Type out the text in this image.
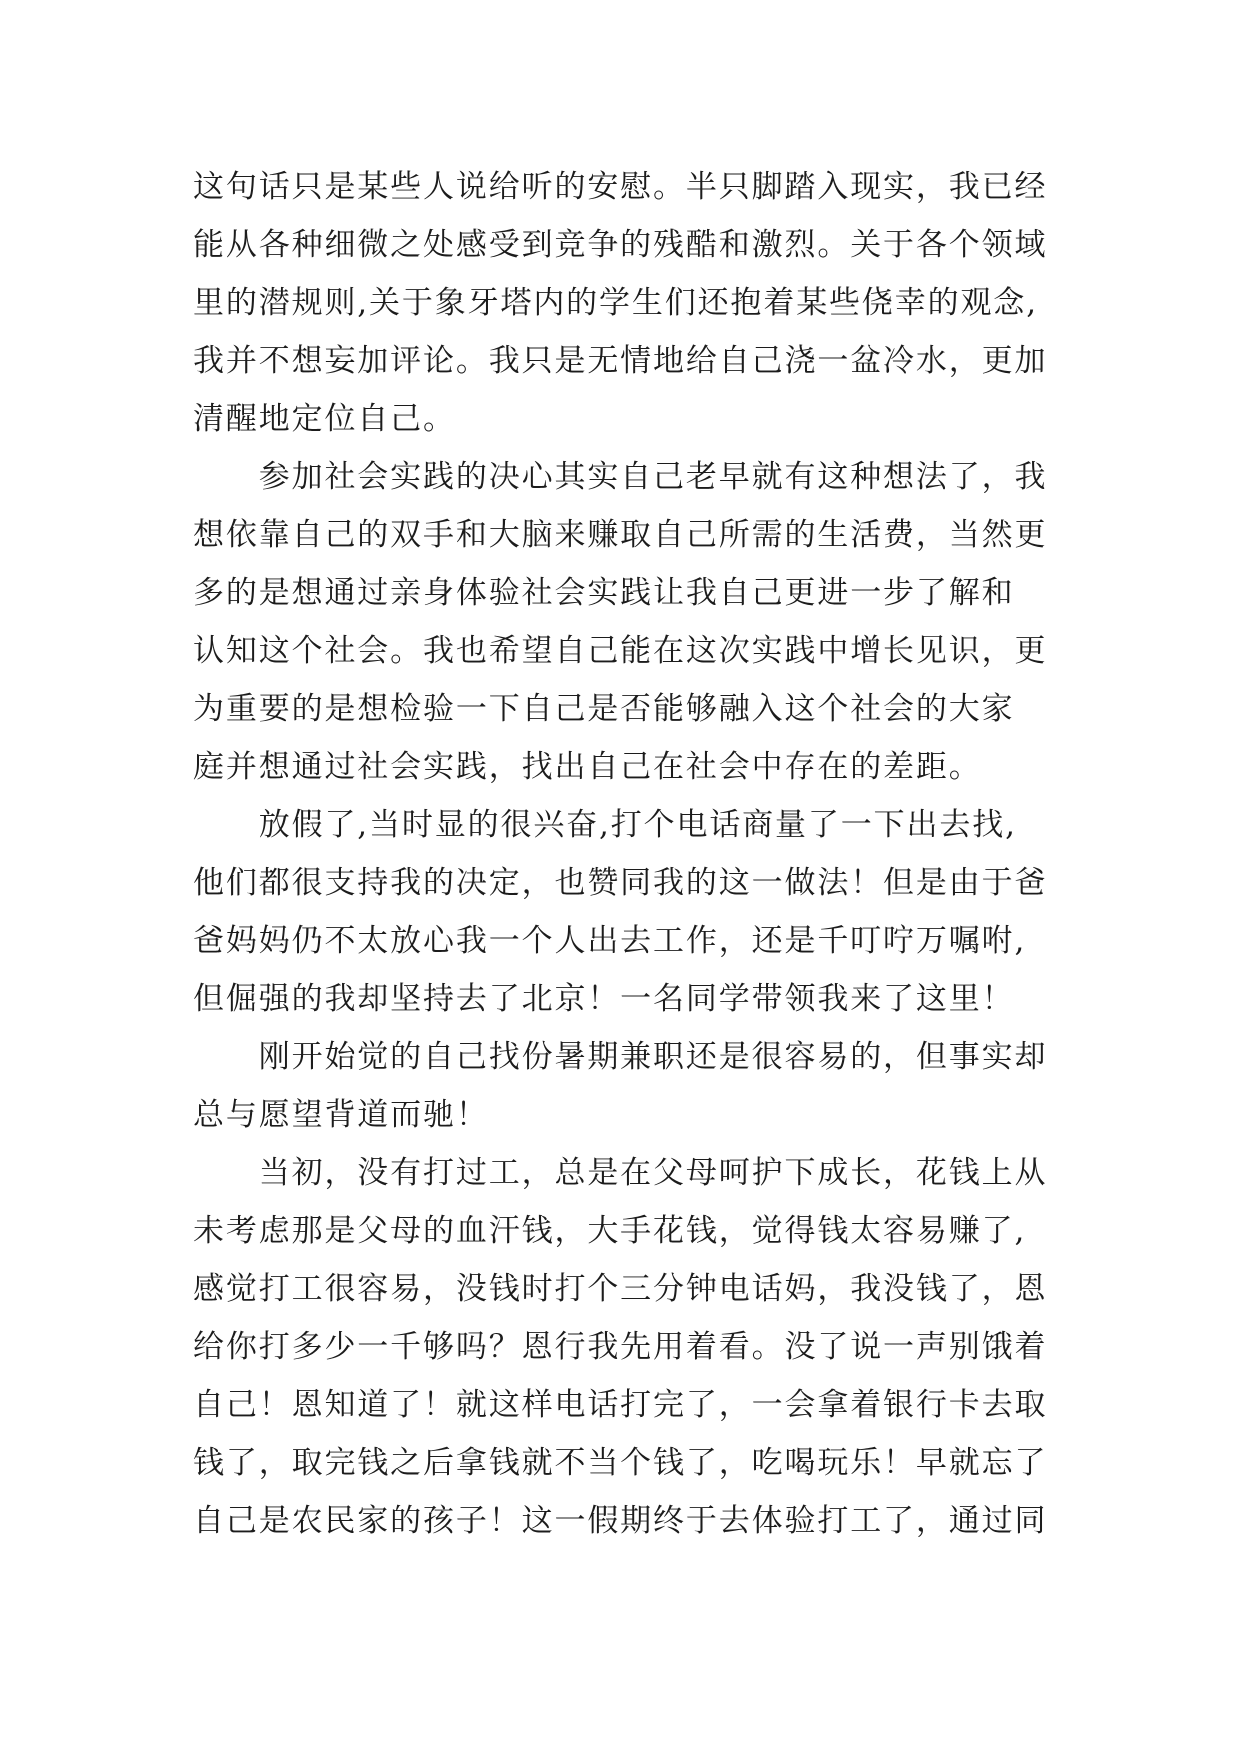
这句话只是某些人说给听的安慰。半只脚踏入现实，我已经
能从各种细微之处感受到竞争的残酷和激烈。关于各个领域
里的潜规则,关于象牙塔内的学生们还抱着某些侥幸的观念,
我并不想妄加评论。我只是无情地给自己浇一盆冷水，更加
清醒地定位自己。
　　参加社会实践的决心其实自己老早就有这种想法了，我
想依靠自己的双手和大脑来赚取自己所需的生活费，当然更
多的是想通过亲身体验社会实践让我自己更进一步了解和
认知这个社会。我也希望自己能在这次实践中增长见识，更
为重要的是想检验一下自己是否能够融入这个社会的大家
庭并想通过社会实践，找出自己在社会中存在的差距。
　　放假了,当时显的很兴奋,打个电话商量了一下出去找,
他们都很支持我的决定，也赞同我的这一做法！但是由于爸
爸妈妈仍不太放心我一个人出去工作，还是千叮咛万嘱咐,
但倔强的我却坚持去了北京！一名同学带领我来了这里！
　　刚开始觉的自己找份暑期兼职还是很容易的，但事实却
总与愿望背道而驰！
　　当初，没有打过工，总是在父母呵护下成长，花钱上从
未考虑那是父母的血汗钱，大手花钱，觉得钱太容易赚了,
感觉打工很容易，没钱时打个三分钟电话妈，我没钱了，恩
给你打多少一千够吗？恩行我先用着看。没了说一声别饿着
自己！恩知道了！就这样电话打完了，一会拿着银行卡去取
钱了，取完钱之后拿钱就不当个钱了，吃喝玩乐！早就忘了
自己是农民家的孩子！这一假期终于去体验打工了，通过同
